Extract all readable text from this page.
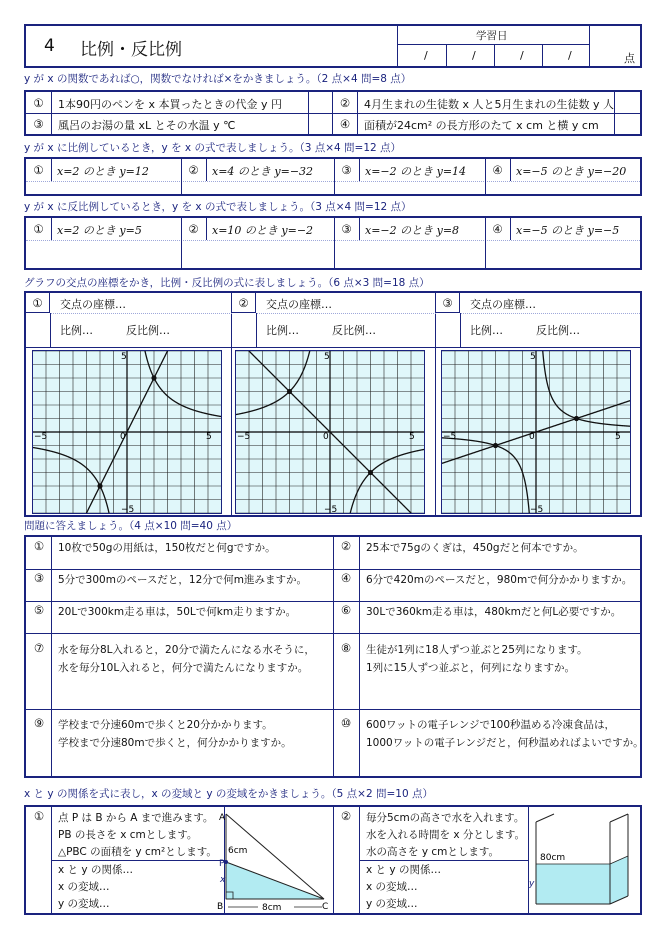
4 比例・反比例
学習日
/	/	/	/	点
y が x の関数であれば○，関数でなければ×をかきましょう。（2 点×4 問=8 点）
①	1本90円のペンを x 本買ったときの代金 y 円	②	4月生まれの生徒数 x 人と5月生まれの生徒数 y 人
③	風呂のお湯の量 xL とその水温 y ℃	④	面積が24cm² の長方形のたて x cm と横 y cm
y が x に比例しているとき，y を x の式で表しましょう。（3 点×4 問=12 点）
①	x=2 のとき y=12	②	x=4 のとき y=−32	③	x=−2 のとき y=14	④	x=−5 のとき y=−20
y が x に反比例しているとき，y を x の式で表しましょう。（3 点×4 問=12 点）
①	x=2 のとき y=5	②	x=10 のとき y=−2	③	x=−2 のとき y=8	④	x=−5 のとき y=−5
グラフの交点の座標をかき，比例・反比例の式に表しましょう。（6 点×3 問=18 点）
①	交点の座標…
比例…	反比例…
②	交点の座標…
比例…	反比例…
③	交点の座標…
比例…	反比例…
5
−5
−5	5
0
5
−5
−5	5
0
5
−5
−5	5
0
問題に答えましょう。（4 点×10 問=40 点）
①	10枚で50gの用紙は，150枚だと何gですか。	②	25本で75gのくぎは，450gだと何本ですか。
③	5分で300mのペースだと，12分で何m進みますか。	④	6分で420mのペースだと，980mで何分かかりますか。
⑤	20Lで300km走る車は，50Lで何km走りますか。	⑥	30Lで360km走る車は，480kmだと何L必要ですか。
⑦	水を毎分8L入れると，20分で満たんになる水そうに，
水を毎分10L入れると，何分で満たんになりますか。
⑧	生徒が1列に18人ずつ並ぶと25列になります。
1列に15人ずつ並ぶと，何列になりますか。
⑨	学校まで分速60mで歩くと20分かかります。
学校まで分速80mで歩くと，何分かかりますか。
⑩	600ワットの電子レンジで100秒温める冷凍食品は，
1000ワットの電子レンジだと，何秒温めればよいですか。
x と y の関係を式に表し，x の変域と y の変域をかきましょう。（5 点×2 問=10 点）
①	点 P は B から A まで進みます。
PB の長さを x cmとします。
△PBC の面積を y cm²とします。
x と y の関係…
x の変域…
y の変域…
②	毎分5cmの高さで水を入れます。
水を入れる時間を x 分とします。
水の高さを y cmとします。
x と y の関係…
x の変域…
y の変域…
A
B	C
P
6cm
x
8cm
80cm
y
